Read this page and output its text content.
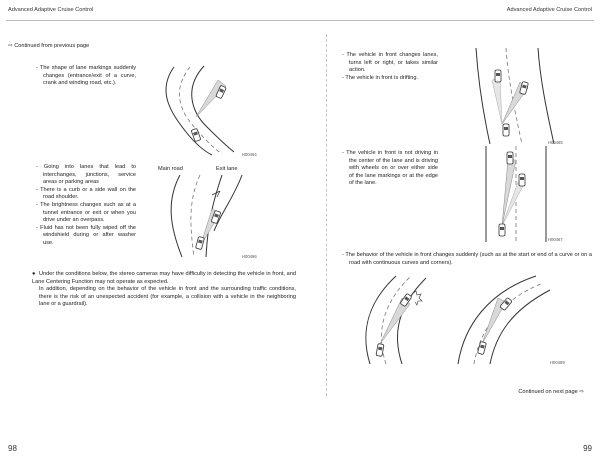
Advanced Adaptive Cruise Control
⇨ Continued from previous page

- The shape of lane markings suddenly changes (entrance/exit of a curve, crank and winding road, etc.).

H00464

- Going into lanes that lead to interchanges, junctions, service areas or parking areas

- There is a curb or a side wall on the road shoulder.

- The brightness changes such as at a tunnel entrance or exit or when you drive under an overpass.

- Fluid has not been fully wiped off the windshield during or after washer use.

Main road	Exit lane
H00466

● Under the conditions below, the stereo cameras may have difficulty in detecting the vehicle in front, and Lane Centering Function may not operate as expected.

In addition, depending on the behavior of the vehicle in front and the surrounding traffic conditions, there is the risk of an unexpected accident (for example, a collision with a vehicle in the neighboring lane or a guardrail).

98
Advanced Adaptive Cruise Control

- The vehicle in front changes lanes, turns left or right, or takes similar action.

- The vehicle in front is drifting.

H00465

- The vehicle in front is not driving in the center of the lane and is driving with wheels on or over either side of the lane markings or at the edge of the lane.

H00467

- The behavior of the vehicle in front changes suddenly (such as at the start or end of a curve or on a road with continuous curves and corners).

H00469
Continued on next page ⇨
99
